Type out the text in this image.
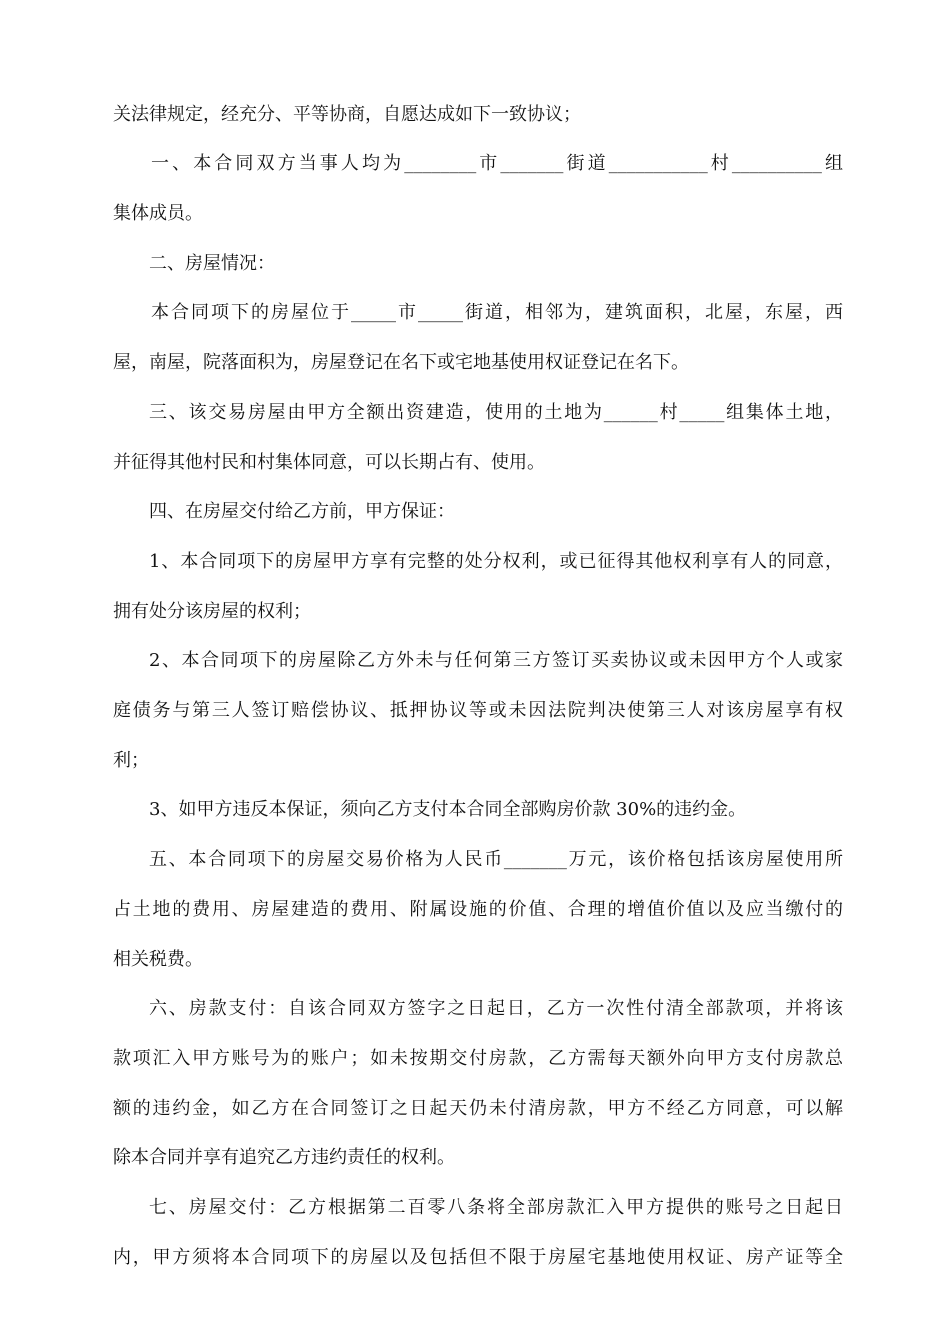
关法律规定，经充分、平等协商，自愿达成如下一致协议；
一、本合同双方当事人均为________市_______街道___________村__________组
集体成员。
二、房屋情况：
本合同项下的房屋位于_____市_____街道，相邻为，建筑面积，北屋，东屋，西
屋，南屋，院落面积为，房屋登记在名下或宅地基使用权证登记在名下。
三、该交易房屋由甲方全额出资建造，使用的土地为______村_____组集体土地，
并征得其他村民和村集体同意，可以长期占有、使用。
四、在房屋交付给乙方前，甲方保证：
1、本合同项下的房屋甲方享有完整的处分权利，或已征得其他权利享有人的同意，
拥有处分该房屋的权利；
2、本合同项下的房屋除乙方外未与任何第三方签订买卖协议或未因甲方个人或家
庭债务与第三人签订赔偿协议、抵押协议等或未因法院判决使第三人对该房屋享有权
利；
3、如甲方违反本保证，须向乙方支付本合同全部购房价款 30%的违约金。
五、本合同项下的房屋交易价格为人民币_______万元，该价格包括该房屋使用所
占土地的费用、房屋建造的费用、附属设施的价值、合理的增值价值以及应当缴付的
相关税费。
六、房款支付：自该合同双方签字之日起日，乙方一次性付清全部款项，并将该
款项汇入甲方账号为的账户；如未按期交付房款，乙方需每天额外向甲方支付房款总
额的违约金，如乙方在合同签订之日起天仍未付清房款，甲方不经乙方同意，可以解
除本合同并享有追究乙方违约责任的权利。
七、房屋交付：乙方根据第二百零八条将全部房款汇入甲方提供的账号之日起日
内，甲方须将本合同项下的房屋以及包括但不限于房屋宅基地使用权证、房产证等全
